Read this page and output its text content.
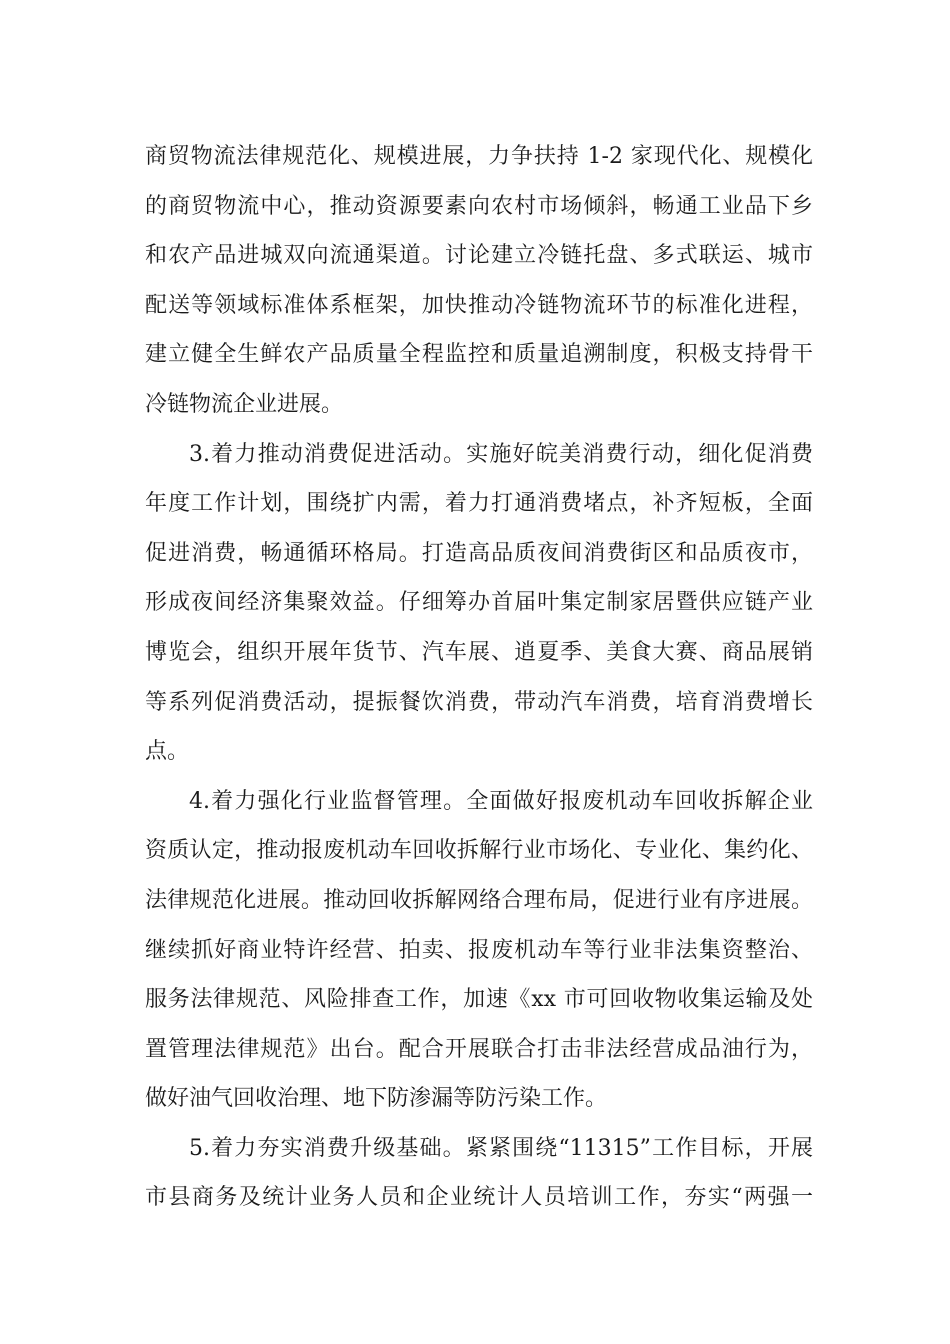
商贸物流法律规范化、规模进展，力争扶持 1-2 家现代化、规模化
的商贸物流中心，推动资源要素向农村市场倾斜，畅通工业品下乡
和农产品进城双向流通渠道。讨论建立冷链托盘、多式联运、城市
配送等领域标准体系框架，加快推动冷链物流环节的标准化进程，
建立健全生鲜农产品质量全程监控和质量追溯制度，积极支持骨干
冷链物流企业进展。
3.着力推动消费促进活动。实施好皖美消费行动，细化促消费
年度工作计划，围绕扩内需，着力打通消费堵点，补齐短板，全面
促进消费，畅通循环格局。打造高品质夜间消费街区和品质夜市，
形成夜间经济集聚效益。仔细筹办首届叶集定制家居暨供应链产业
博览会，组织开展年货节、汽车展、逍夏季、美食大赛、商品展销
等系列促消费活动，提振餐饮消费，带动汽车消费，培育消费增长
点。
4.着力强化行业监督管理。全面做好报废机动车回收拆解企业
资质认定，推动报废机动车回收拆解行业市场化、专业化、集约化、
法律规范化进展。推动回收拆解网络合理布局，促进行业有序进展。
继续抓好商业特许经营、拍卖、报废机动车等行业非法集资整治、
服务法律规范、风险排查工作，加速《xx 市可回收物收集运输及处
置管理法律规范》出台。配合开展联合打击非法经营成品油行为，
做好油气回收治理、地下防渗漏等防污染工作。
5.着力夯实消费升级基础。紧紧围绕“11315”工作目标，开展
市县商务及统计业务人员和企业统计人员培训工作，夯实“两强一
